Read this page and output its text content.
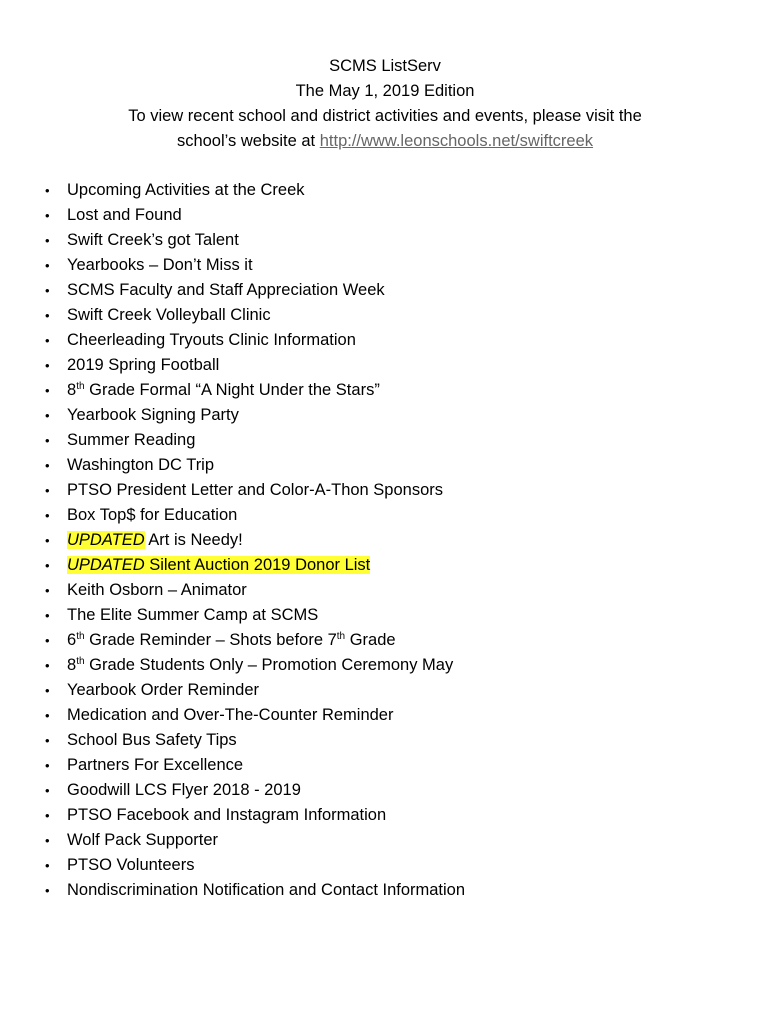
SCMS ListServ
The May 1, 2019 Edition
To view recent school and district activities and events, please visit the
school’s website at http://www.leonschools.net/swiftcreek
• Upcoming Activities at the Creek
• Lost and Found
• Swift Creek’s got Talent
• Yearbooks – Don’t Miss it
• SCMS Faculty and Staff Appreciation Week
• Swift Creek Volleyball Clinic
• Cheerleading Tryouts Clinic Information
• 2019 Spring Football
• 8th Grade Formal “A Night Under the Stars”
• Yearbook Signing Party
• Summer Reading
• Washington DC Trip
• PTSO President Letter and Color-A-Thon Sponsors
• Box Top$ for Education
• UPDATED Art is Needy!
• UPDATED Silent Auction 2019 Donor List
• Keith Osborn – Animator
• The Elite Summer Camp at SCMS
• 6th Grade Reminder – Shots before 7th Grade
• 8th Grade Students Only – Promotion Ceremony May
• Yearbook Order Reminder
• Medication and Over-The-Counter Reminder
• School Bus Safety Tips
• Partners For Excellence
• Goodwill LCS Flyer 2018 - 2019
• PTSO Facebook and Instagram Information
• Wolf Pack Supporter
• PTSO Volunteers
• Nondiscrimination Notification and Contact Information
